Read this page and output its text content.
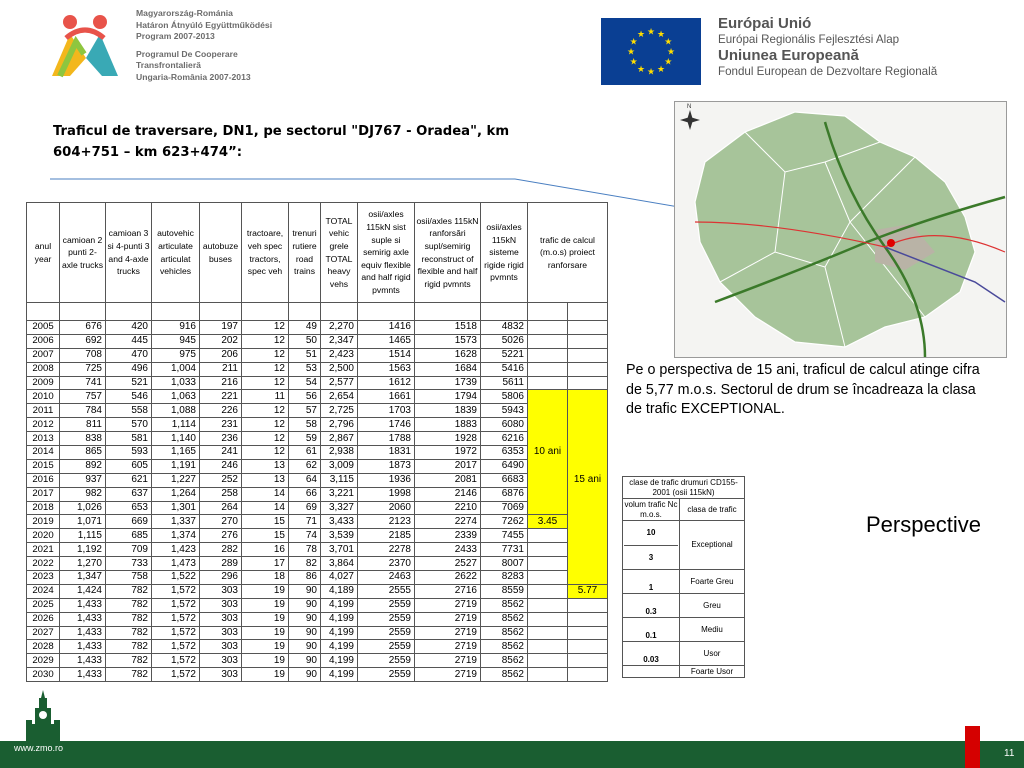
Magyarország-Románia
Határon Átnyúló Együttműködési
Program 2007-2013
Programul De Cooperare
Transfrontalieră
Ungaria-România 2007-2013
★ ★
★
★
★
★
★
★
★
★
★
★
Európai Unió
Európai Regionális Fejlesztési Alap
Uniunea Europeană
Fondul European de Dezvoltare Regională
Traficul de traversare, DN1, pe sectorul "DJ767 - Oradea", km 604+751 – km 623+474”:
N
anul year	camioan 2 punti 2-axle trucks	camioan 3 si 4-punti 3 and 4-axle trucks	autovehic articulate articulat vehicles	autobuze buses	tractoare, veh spec tractors, spec veh	trenuri rutiere road trains	TOTAL vehic grele TOTAL heavy vehs	osii/axles 115kN sist suple si semirig axle equiv flexible and half rigid pvmnts	osii/axles 115kN ranforsări supl/semirig reconstruct of flexible and half rigid pvmnts	osii/axles 115kN sisteme rigide rigid pvmnts	trafic de calcul (m.o.s) proiect ranforsare	

2005	676	420	916	197	12	49	2,270	1416	1518	4832		
2006	692	445	945	202	12	50	2,347	1465	1573	5026		
2007	708	470	975	206	12	51	2,423	1514	1628	5221		
2008	725	496	1,004	211	12	53	2,500	1563	1684	5416		
2009	741	521	1,033	216	12	54	2,577	1612	1739	5611		
2010	757	546	1,063	221	11	56	2,654	1661	1794	5806		
2011	784	558	1,088	226	12	57	2,725	1703	1839	5943		
2012	811	570	1,114	231	12	58	2,796	1746	1883	6080		
2013	838	581	1,140	236	12	59	2,867	1788	1928	6216		
2014	865	593	1,165	241	12	61	2,938	1831	1972	6353	10 ani	
2015	892	605	1,191	246	13	62	3,009	1873	2017	6490		
2016	937	621	1,227	252	13	64	3,115	1936	2081	6683		15 ani
2017	982	637	1,264	258	14	66	3,221	1998	2146	6876		
2018	1,026	653	1,301	264	14	69	3,327	2060	2210	7069		
2019	1,071	669	1,337	270	15	71	3,433	2123	2274	7262	3.45	
2020	1,115	685	1,374	276	15	74	3,539	2185	2339	7455		
2021	1,192	709	1,423	282	16	78	3,701	2278	2433	7731		
2022	1,270	733	1,473	289	17	82	3,864	2370	2527	8007		
2023	1,347	758	1,522	296	18	86	4,027	2463	2622	8283		
2024	1,424	782	1,572	303	19	90	4,189	2555	2716	8559		5.77
2025	1,433	782	1,572	303	19	90	4,199	2559	2719	8562		
2026	1,433	782	1,572	303	19	90	4,199	2559	2719	8562		
2027	1,433	782	1,572	303	19	90	4,199	2559	2719	8562		
2028	1,433	782	1,572	303	19	90	4,199	2559	2719	8562		
2029	1,433	782	1,572	303	19	90	4,199	2559	2719	8562		
2030	1,433	782	1,572	303	19	90	4,199	2559	2719	8562		
Pe o perspectiva de 15 ani, traficul de calcul atinge cifra de 5,77 m.o.s. Sectorul de drum se încadreaza la clasa de trafic EXCEPTIONAL.
clase de trafic drumuri CD155-2001 (osii 115kN)	
volum trafic Nc m.o.s.	clasa de trafic

10
3	Exceptional
1	Foarte Greu
0.3	Greu
0.1	Mediu
0.03	Usor
	Foarte Usor
Perspective
www.zmo.ro	11
